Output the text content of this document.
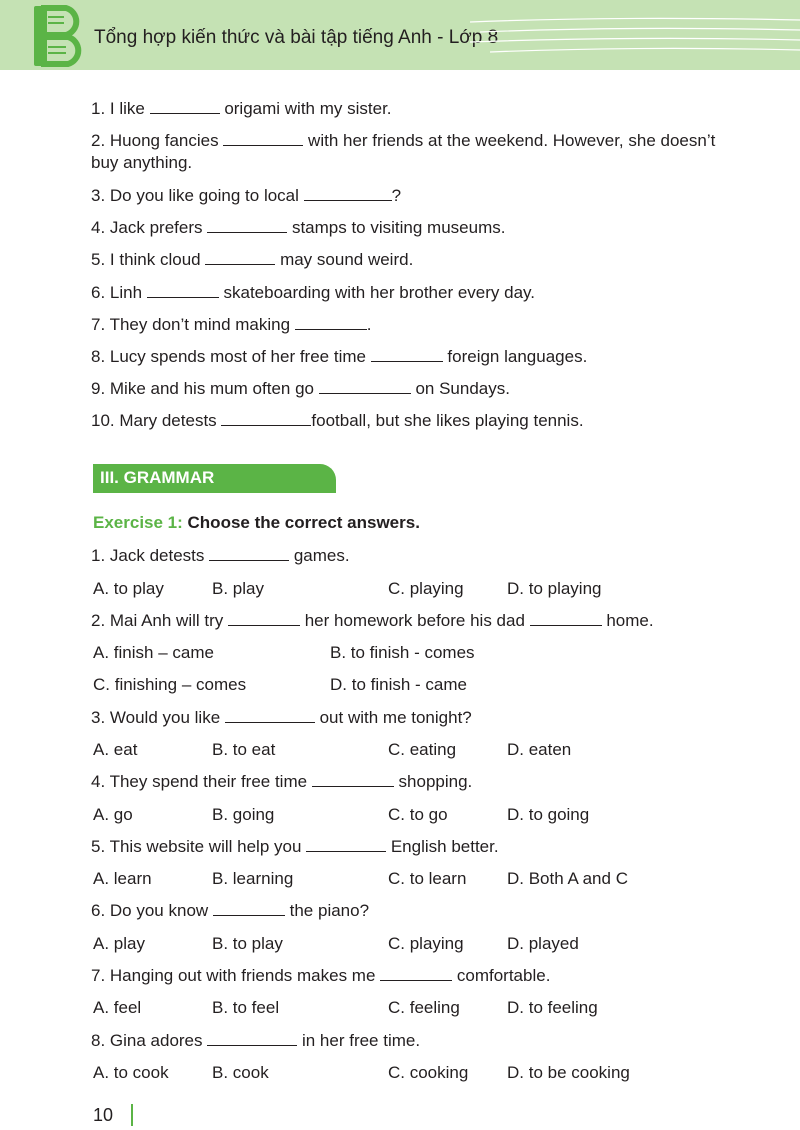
Tổng hợp kiến thức và bài tập tiếng Anh - Lớp 8
1. I like	origami with my sister.
2. Huong fancies	with her friends at the weekend. However, she doesn’t
buy anything.
3. Do you like going to local	?
4. Jack prefers	stamps to visiting museums.
5. I think cloud	may sound weird.
6. Linh	skateboarding with her brother every day.
7. They don’t mind making	.
8. Lucy spends most of her free time	foreign languages.
9. Mike and his mum often go	on Sundays.
10. Mary detests	football, but she likes playing tennis.
III. GRAMMAR
Exercise 1: Choose the correct answers.
1. Jack detests	games.
A. to play	B. play	C. playing	D. to playing
2. Mai Anh will try	her homework before his dad	home.
A. finish – came	B. to finish - comes
C. finishing – comes	D. to finish - came
3. Would you like	out with me tonight?
A. eat	B. to eat	C. eating	D. eaten
4. They spend their free time	shopping.
A. go	B. going	C. to go	D. to going
5. This website will help you	English better.
A. learn	B. learning	C. to learn D. Both A and C
6. Do you know	the piano?
A. play	B. to play	C. playing	D. played
7. Hanging out with friends makes me	comfortable.
A. feel	B. to feel	C. feeling	D. to feeling
8. Gina adores	in her free time.
A. to cook	B. cook	C. cooking D. to be cooking
10
